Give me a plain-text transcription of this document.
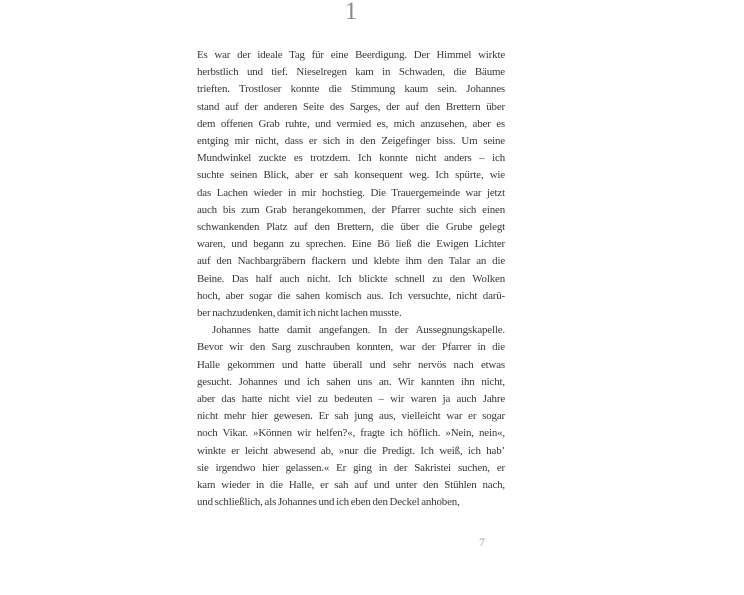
1
Es war der ideale Tag für eine Beerdigung. Der Himmel wirkte
herbstlich und tief. Nieselregen kam in Schwaden, die Bäume
trieften. Trostloser konnte die Stimmung kaum sein. Johannes
stand auf der anderen Seite des Sarges, der auf den Brettern über
dem offenen Grab ruhte, und vermied es, mich anzusehen, aber es
entging mir nicht, dass er sich in den Zeigefinger biss. Um seine
Mundwinkel zuckte es trotzdem. Ich konnte nicht anders – ich
suchte seinen Blick, aber er sah konsequent weg. Ich spürte, wie
das Lachen wieder in mir hochstieg. Die Trauergemeinde war jetzt
auch bis zum Grab herangekommen, der Pfarrer suchte sich einen
schwankenden Platz auf den Brettern, die über die Grube gelegt
waren, und begann zu sprechen. Eine Bö ließ die Ewigen Lichter
auf den Nachbargräbern flackern und klebte ihm den Talar an die
Beine. Das half auch nicht. Ich blickte schnell zu den Wolken
hoch, aber sogar die sahen komisch aus. Ich versuchte, nicht darü-
ber nachzudenken, damit ich nicht lachen musste.
Johannes hatte damit angefangen. In der Aussegnungskapelle.
Bevor wir den Sarg zuschrauben konnten, war der Pfarrer in die
Halle gekommen und hatte überall und sehr nervös nach etwas
gesucht. Johannes und ich sahen uns an. Wir kannten ihn nicht,
aber das hatte nicht viel zu bedeuten – wir waren ja auch Jahre
nicht mehr hier gewesen. Er sah jung aus, vielleicht war er sogar
noch Vikar. »Können wir helfen?«, fragte ich höflich. »Nein, nein«,
winkte er leicht abwesend ab, »nur die Predigt. Ich weiß, ich hab’
sie irgendwo hier gelassen.« Er ging in der Sakristei suchen, er
kam wieder in die Halle, er sah auf und unter den Stühlen nach,
und schließlich, als Johannes und ich eben den Deckel anhoben,
7
